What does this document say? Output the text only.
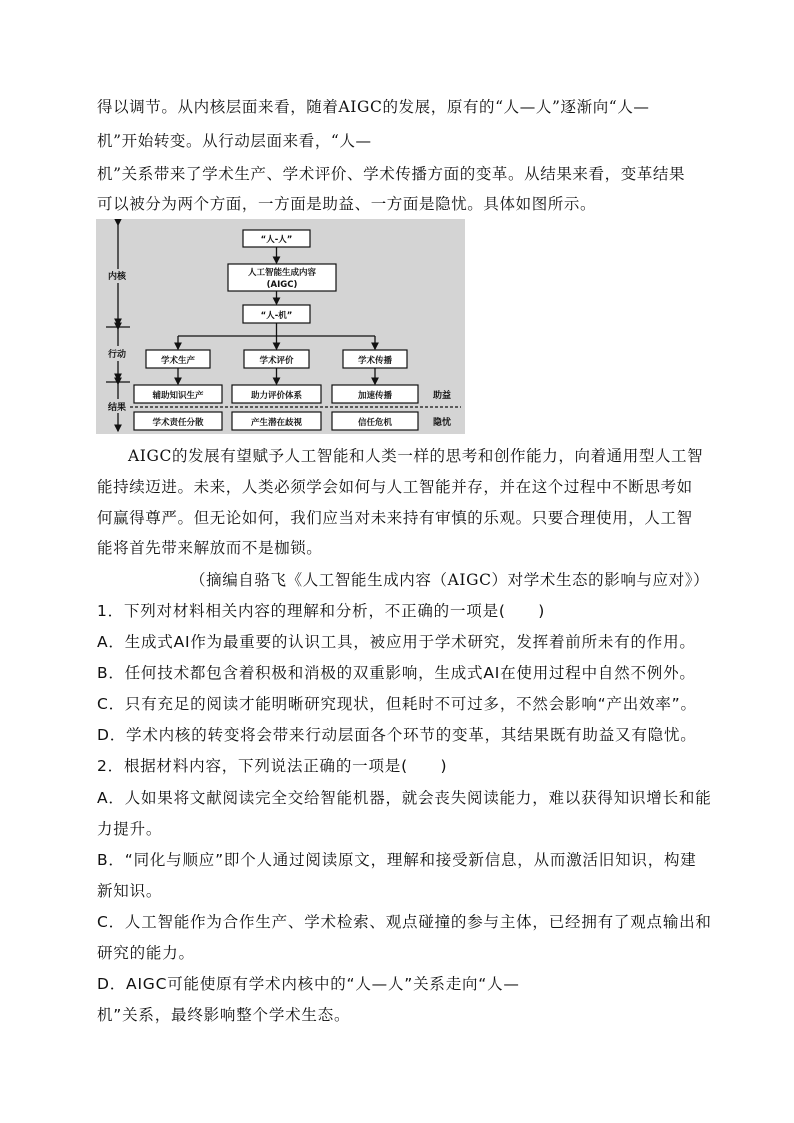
得以调节。从内核层面来看，随着AIGC的发展，原有的“人—人”逐渐向“人—
机”开始转变。从行动层面来看，“人—
机”关系带来了学术生产、学术评价、学术传播方面的变革。从结果来看，变革结果
可以被分为两个方面，一方面是助益、一方面是隐忧。具体如图所示。
内核
行动
结果
“人-人”
人工智能生成内容
(AIGC)
“人-机”
学术生产	学术评价	学术传播
辅助知识生产	助力评价体系	加速传播	助益
学术责任分散	产生潜在歧视	信任危机	隐忧
AIGC的发展有望赋予人工智能和人类一样的思考和创作能力，向着通用型人工智
能持续迈进。未来，人类必须学会如何与人工智能并存，并在这个过程中不断思考如
何赢得尊严。但无论如何，我们应当对未来持有审慎的乐观。只要合理使用，人工智
能将首先带来解放而不是枷锁。
（摘编自骆飞《人工智能生成内容（AIGC）对学术生态的影响与应对》）
1．下列对材料相关内容的理解和分析，不正确的一项是(　　)
A．生成式AI作为最重要的认识工具，被应用于学术研究，发挥着前所未有的作用。
B．任何技术都包含着积极和消极的双重影响，生成式AI在使用过程中自然不例外。
C．只有充足的阅读才能明晰研究现状，但耗时不可过多，不然会影响“产出效率”。
D．学术内核的转变将会带来行动层面各个环节的变革，其结果既有助益又有隐忧。
2．根据材料内容，下列说法正确的一项是(　　)
A．人如果将文献阅读完全交给智能机器，就会丧失阅读能力，难以获得知识增长和能
力提升。
B．“同化与顺应”即个人通过阅读原文，理解和接受新信息，从而激活旧知识，构建
新知识。
C．人工智能作为合作生产、学术检索、观点碰撞的参与主体，已经拥有了观点输出和
研究的能力。
D．AIGC可能使原有学术内核中的“人—人”关系走向“人—
机”关系，最终影响整个学术生态。
